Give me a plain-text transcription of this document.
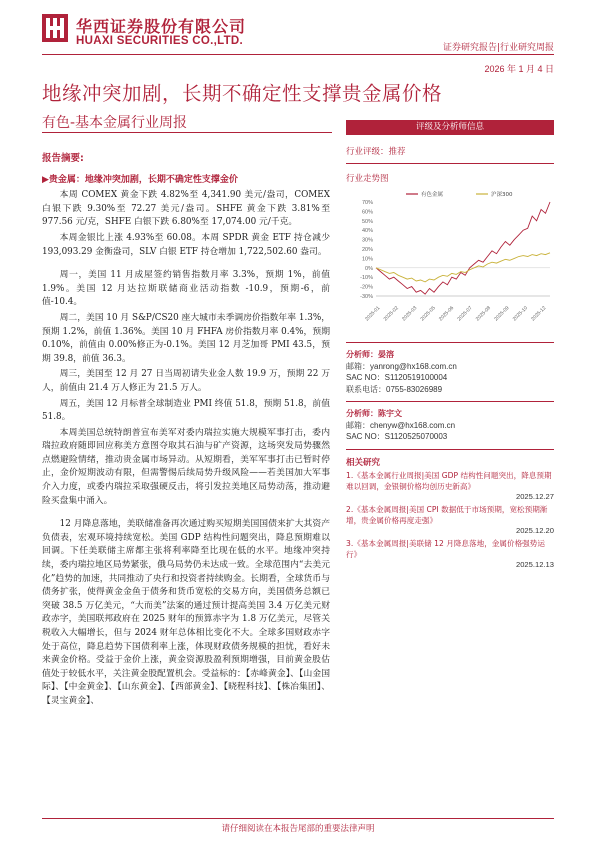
华西证券股份有限公司
HUAXI SECURITIES CO.,LTD.
证券研究报告|行业研究周报
2026 年 1 月 4 日
地缘冲突加剧，长期不确定性支撑贵金属价格
有色-基本金属行业周报
报告摘要:
▶贵金属：地缘冲突加剧，长期不确定性支撑金价

本周 COMEX 黄金下跌 4.82%至 4,341.90 美元/盎司，COMEX 白银下跌 9.30%至 72.27 美元/盎司。SHFE 黄金下跌 3.81%至 977.56 元/克，SHFE 白银下跌 6.80%至 17,074.00 元/千克。

本周金银比上涨 4.93%至 60.08。本周 SPDR 黄金 ETF 持仓减少 193,093.29 金衡盎司，SLV 白银 ETF 持仓增加 1,722,502.60 盎司。

周一，美国 11 月成屋签约销售指数月率 3.3%，预期 1%，前值 1.9%。美国 12 月达拉斯联储商业活动指数 -10.9，预期-6，前值-10.4。

周二，美国 10 月 S&P/CS20 座大城市未季调房价指数年率 1.3%，预期 1.2%，前值 1.36%。美国 10 月 FHFA 房价指数月率 0.4%，预期 0.10%，前值由 0.00%修正为-0.1%。美国 12 月芝加哥 PMI 43.5，预期 39.8，前值 36.3。

周三，美国至 12 月 27 日当周初请失业金人数 19.9 万，预期 22 万人，前值由 21.4 万人修正为 21.5 万人。

周五，美国 12 月标普全球制造业 PMI 终值 51.8，预期 51.8，前值 51.8。

本周美国总统特朗普宣布美军对委内瑞拉实施大规模军事打击，委内瑞拉政府随即回应称美方意图夺取其石油与矿产资源，这场突发局势骤然点燃避险情绪，推动贵金属市场异动。从短期看，美军军事打击已暂时停止，金价短期波动有限，但需警惕后续局势升级风险——若美国加大军事介入力度，或委内瑞拉采取强硬反击，将引发拉美地区局势动荡，推动避险买盘集中涌入。

12 月降息落地，美联储准备再次通过购买短期美国国债来扩大其资产负债表，宏观环境持续宽松。美国 GDP 结构性问题突出，降息预期难以回调。下任美联储主席都主张将利率降至比现在低的水平。地缘冲突持续，委内瑞拉地区局势紧张，俄乌局势仍未达成一致。全球范围内“去美元化”趋势的加速，共同推动了央行和投资者持续购金。长期看，全球货币与债务扩张，使得黄金金鱼于债务和货币宽松的交易方向，美国债务总额已突破 38.5 万亿美元，“大而美”法案的通过预计提高美国 3.4 万亿美元财政赤字，美国联邦政府在 2025 财年的预算赤字为 1.8 万亿美元，尽管关税收入大幅增长，但与 2024 财年总体相比变化不大。全球多国财政赤字处于高位，降息趋势下国债利率上涨，体现财政债务规模的担忧，看好未来黄金价格。受益于金价上涨，黄金资源股盈利预期增强，目前黄金股估值处于较低水平，关注黄金股配置机会。受益标的：【赤峰黄金】、【山金国际】、【中金黄金】、【山东黄金】、【西部黄金】、【晓程科技】、【株冶集团】、【灵宝黄金】、

评级及分析师信息
行业评级：推荐
行业走势图
70%
60%
50%
40%
30%
20%
10%
0%
-10%
-20%
-30%
2025-01 2025-02 2025-03 2025-05 2025-06 2025-07 2025-08 2025-09 2025-10 2025-12
有色金属	沪深300
分析师：晏溶
邮箱：yanrong@hx168.com.cn
SAC NO：S1120519100004
联系电话：0755-83026989
分析师：陈宇文
邮箱：chenyw@hx168.com.cn
SAC NO：S1120525070003
相关研究
1.《基本金属行业周报|美国 GDP 结构性问题突出，降息预期难以回调，金银铜价格均创历史新高》
2025.12.27
2.《基本金属周报|美国 CPI 数据低于市场预期，宽松预期渐增，贵金属价格再度走强》
2025.12.20
3.《基本金属周报|美联储 12 月降息落地，金属价格强势运行》
2025.12.13
请仔细阅读在本报告尾部的重要法律声明
